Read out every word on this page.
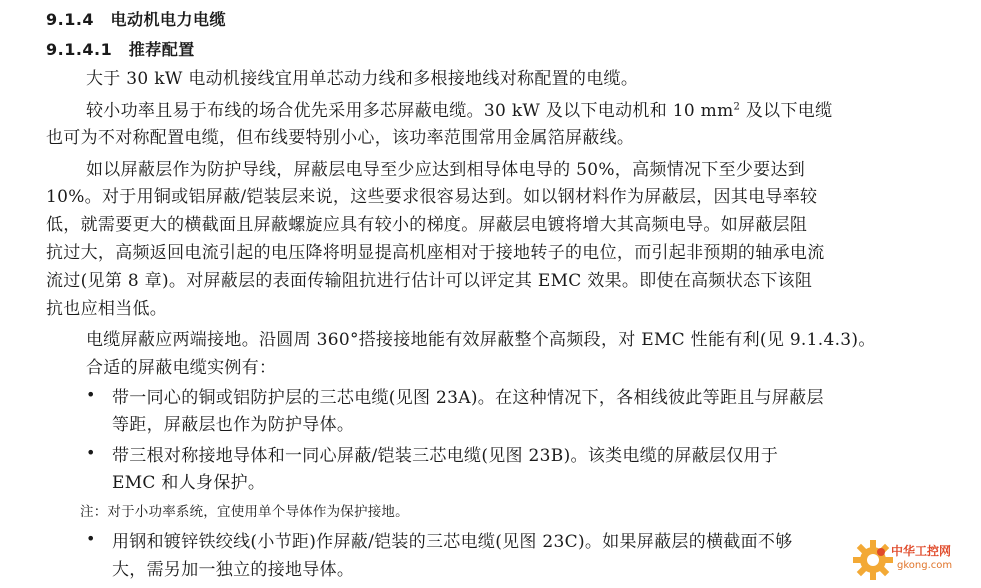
9.1.4　电动机电力电缆
9.1.4.1　推荐配置
大于 30 kW 电动机接线宜用单芯动力线和多根接地线对称配置的电缆。
较小功率且易于布线的场合优先采用多芯屏蔽电缆。30 kW 及以下电动机和 10 $mm^2$ 及以下电缆
也可为不对称配置电缆，但布线要特别小心，该功率范围常用金属箔屏蔽线。
如以屏蔽层作为防护导线，屏蔽层电导至少应达到相导体电导的 50%，高频情况下至少要达到
10%。对于用铜或铝屏蔽/铠装层来说，这些要求很容易达到。如以钢材料作为屏蔽层，因其电导率较
低，就需要更大的横截面且屏蔽螺旋应具有较小的梯度。屏蔽层电镀将增大其高频电导。如屏蔽层阻
抗过大，高频返回电流引起的电压降将明显提高机座相对于接地转子的电位，而引起非预期的轴承电流
流过(见第 8 章)。对屏蔽层的表面传输阻抗进行估计可以评定其 EMC 效果。即使在高频状态下该阻
抗也应相当低。
电缆屏蔽应两端接地。沿圆周 360°搭接接地能有效屏蔽整个高频段，对 EMC 性能有利(见 9.1.4.3)。
合适的屏蔽电缆实例有：
• 带一同心的铜或铝防护层的三芯电缆(见图 23A)。在这种情况下，各相线彼此等距且与屏蔽层
等距，屏蔽层也作为防护导体。
• 带三根对称接地导体和一同心屏蔽/铠装三芯电缆(见图 23B)。该类电缆的屏蔽层仅用于
EMC 和人身保护。
注：对于小功率系统，宜使用单个导体作为保护接地。
• 用钢和镀锌铁绞线(小节距)作屏蔽/铠装的三芯电缆(见图 23C)。如果屏蔽层的横截面不够
大，需另加一独立的接地导体。
中华工控网
gkong.com
